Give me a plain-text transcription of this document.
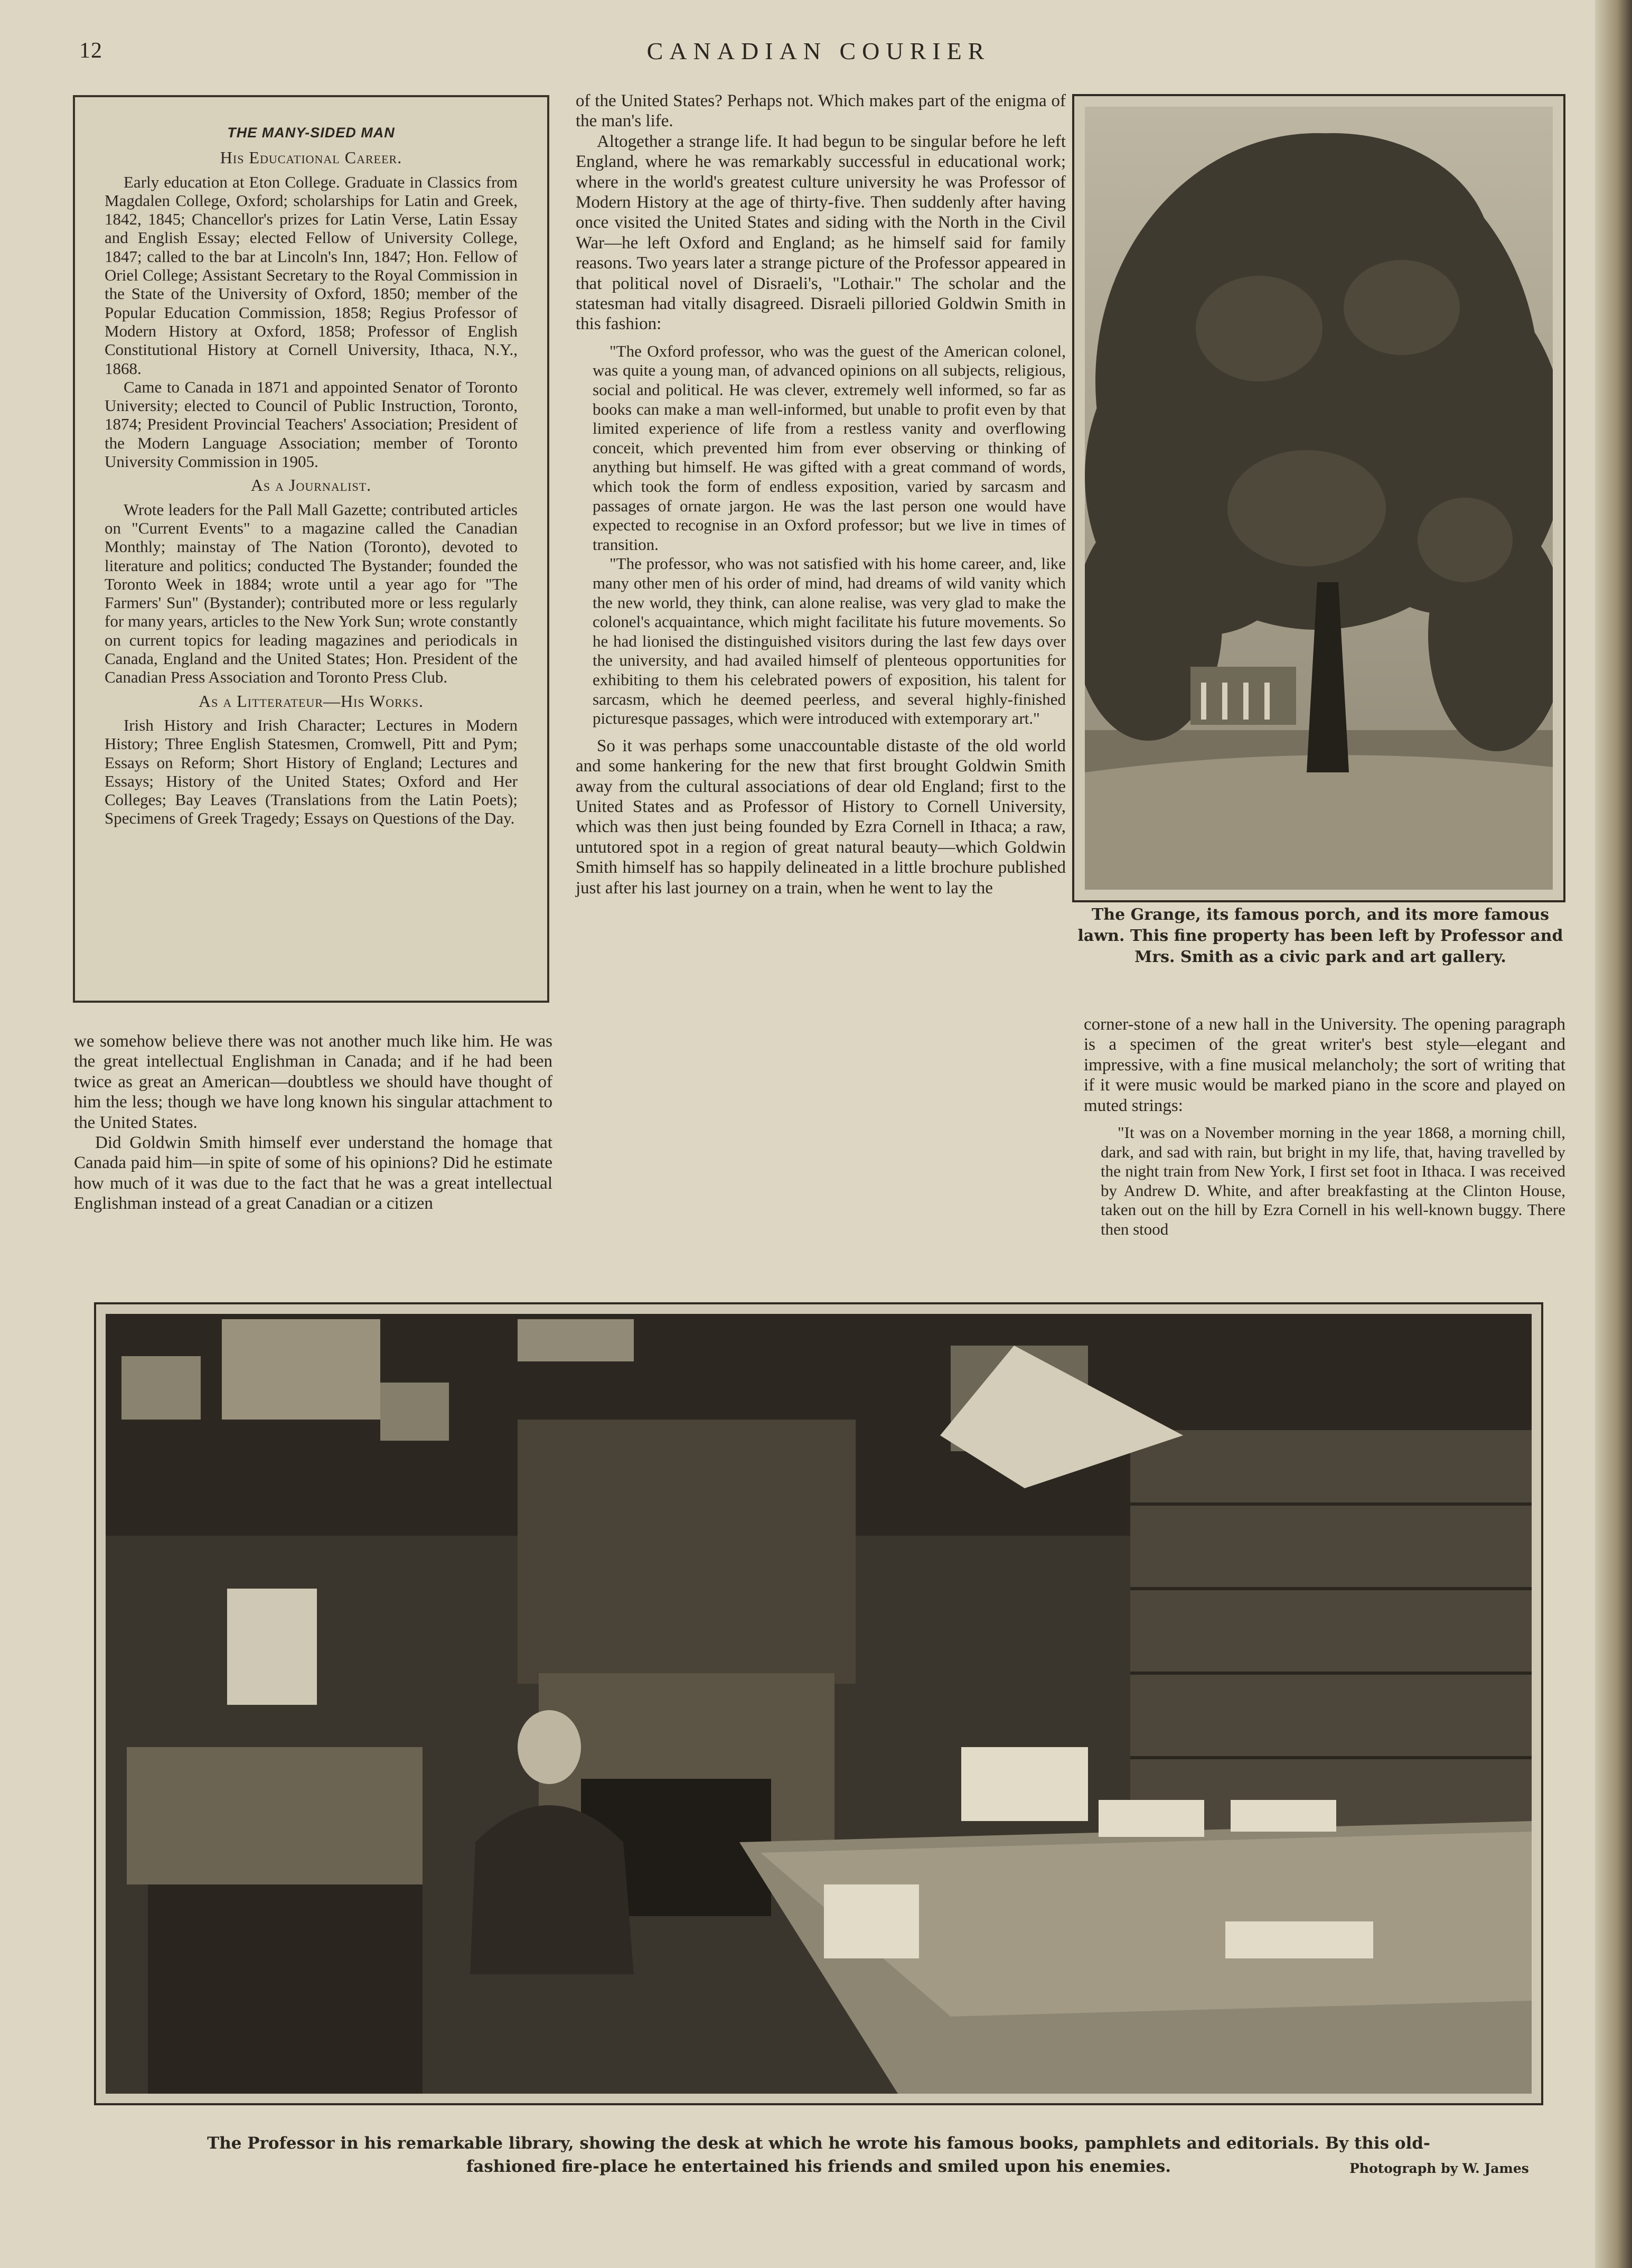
12	CANADIAN COURIER
THE MANY-SIDED MAN
His Educational Career.

Early education at Eton College. Graduate in Classics from Magdalen College, Oxford; scholarships for Latin and Greek, 1842, 1845; Chancellor's prizes for Latin Verse, Latin Essay and English Essay; elected Fellow of University College, 1847; called to the bar at Lincoln's Inn, 1847; Hon. Fellow of Oriel College; Assistant Secretary to the Royal Commission in the State of the University of Oxford, 1850; member of the Popular Education Commission, 1858; Regius Professor of Modern History at Oxford, 1858; Professor of English Constitutional History at Cornell University, Ithaca, N.Y., 1868.

Came to Canada in 1871 and appointed Senator of Toronto University; elected to Council of Public Instruction, Toronto, 1874; President Provincial Teachers' Association; President of the Modern Language Association; member of Toronto University Commission in 1905.

As a Journalist.

Wrote leaders for the Pall Mall Gazette; contributed articles on "Current Events" to a magazine called the Canadian Monthly; mainstay of The Nation (Toronto), devoted to literature and politics; conducted The Bystander; founded the Toronto Week in 1884; wrote until a year ago for "The Farmers' Sun" (Bystander); contributed more or less regularly for many years, articles to the New York Sun; wrote constantly on current topics for leading magazines and periodicals in Canada, England and the United States; Hon. President of the Canadian Press Association and Toronto Press Club.

As a Litterateur—His Works.

Irish History and Irish Character; Lectures in Modern History; Three English Statesmen, Cromwell, Pitt and Pym; Essays on Reform; Short History of England; Lectures and Essays; History of the United States; Oxford and Her Colleges; Bay Leaves (Translations from the Latin Poets); Specimens of Greek Tragedy; Essays on Questions of the Day.

we somehow believe there was not another much like him. He was the great intellectual Englishman in Canada; and if he had been twice as great an American—doubtless we should have thought of him the less; though we have long known his singular attachment to the United States.

Did Goldwin Smith himself ever understand the homage that Canada paid him—in spite of some of his opinions? Did he estimate how much of it was due to the fact that he was a great intellectual Englishman instead of a great Canadian or a citizen

of the United States? Perhaps not. Which makes part of the enigma of the man's life.

Altogether a strange life. It had begun to be singular before he left England, where he was remarkably successful in educational work; where in the world's greatest culture university he was Professor of Modern History at the age of thirty-five. Then suddenly after having once visited the United States and siding with the North in the Civil War—he left Oxford and England; as he himself said for family reasons. Two years later a strange picture of the Professor appeared in that political novel of Disraeli's, "Lothair." The scholar and the statesman had vitally disagreed. Disraeli pilloried Goldwin Smith in this fashion:

"The Oxford professor, who was the guest of the American colonel, was quite a young man, of advanced opinions on all subjects, religious, social and political. He was clever, extremely well informed, so far as books can make a man well-informed, but unable to profit even by that limited experience of life from a restless vanity and overflowing conceit, which prevented him from ever observing or thinking of anything but himself. He was gifted with a great command of words, which took the form of endless exposition, varied by sarcasm and passages of ornate jargon. He was the last person one would have expected to recognise in an Oxford professor; but we live in times of transition.

"The professor, who was not satisfied with his home career, and, like many other men of his order of mind, had dreams of wild vanity which the new world, they think, can alone realise, was very glad to make the colonel's acquaintance, which might facilitate his future movements. So he had lionised the distinguished visitors during the last few days over the university, and had availed himself of plenteous opportunities for exhibiting to them his celebrated powers of exposition, his talent for sarcasm, which he deemed peerless, and several highly-finished picturesque passages, which were introduced with extemporary art."

So it was perhaps some unaccountable distaste of the old world and some hankering for the new that first brought Goldwin Smith away from the cultural associations of dear old England; first to the United States and as Professor of History to Cornell University, which was then just being founded by Ezra Cornell in Ithaca; a raw, untutored spot in a region of great natural beauty—which Goldwin Smith himself has so happily delineated in a little brochure published just after his last journey on a train, when he went to lay the

corner-stone of a new hall in the University. The opening paragraph is a specimen of the great writer's best style—elegant and impressive, with a fine musical melancholy; the sort of writing that if it were music would be marked piano in the score and played on muted strings:

"It was on a November morning in the year 1868, a morning chill, dark, and sad with rain, but bright in my life, that, having travelled by the night train from New York, I first set foot in Ithaca. I was received by Andrew D. White, and after breakfasting at the Clinton House, taken out on the hill by Ezra Cornell in his well-known buggy. There then stood

The Grange, its famous porch, and its more famous lawn. This fine property has been left by Professor and Mrs. Smith as a civic park and art gallery.
The Professor in his remarkable library, showing the desk at which he wrote his famous books, pamphlets and editorials. By this old-fashioned fire-place he entertained his friends and smiled upon his enemies.	Photograph by W. James
